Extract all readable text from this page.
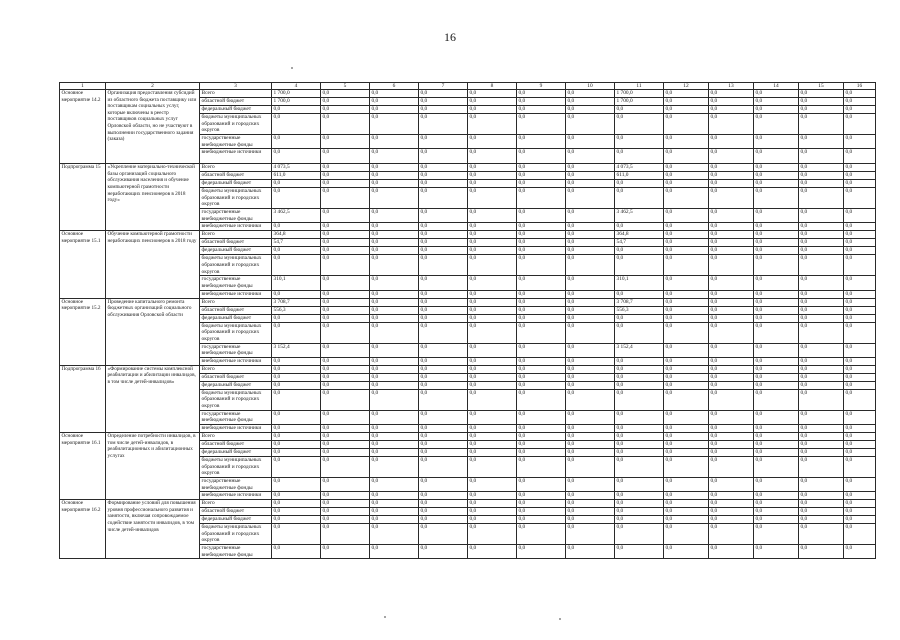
16
1	2	3	4	5	6	7	8	9	10	11	12	13	14	15	16
Основное мероприятие 14.2	Организация предоставления субсидий из областного бюджета поставщику или поставщикам социальных услуг, которые включены в реестр поставщиков социальных услуг Орловской области, но не участвуют в выполнении государственного задания (заказа)	Всего	1 700,0	0,0	0,0	0,0	0,0	0,0	0,0	1 700,0	0,0	0,0	0,0	0,0	0,0
		областной бюджет	1 700,0	0,0	0,0	0,0	0,0	0,0	0,0	1 700,0	0,0	0,0	0,0	0,0	0,0
		федеральный бюджет	0,0	0,0	0,0	0,0	0,0	0,0	0,0	0,0	0,0	0,0	0,0	0,0	0,0
		бюджеты муниципальных образований и городских округов	0,0	0,0	0,0	0,0	0,0	0,0	0,0	0,0	0,0	0,0	0,0	0,0	0,0
		государственные внебюджетные фонды	0,0	0,0	0,0	0,0	0,0	0,0	0,0	0,0	0,0	0,0	0,0	0,0	0,0
		внебюджетные источники	0,0	0,0	0,0	0,0	0,0	0,0	0,0	0,0	0,0	0,0	0,0	0,0	0,0
Подпрограмма 15	«Укрепление материально-технической базы организаций социального обслуживания населения и обучение компьютерной грамотности неработающих пенсионеров в 2018 году»	Всего	4 073,5	0,0	0,0	0,0	0,0	0,0	0,0	4 073,5	0,0	0,0	0,0	0,0	0,0
		областной бюджет	611,0	0,0	0,0	0,0	0,0	0,0	0,0	611,0	0,0	0,0	0,0	0,0	0,0
		федеральный бюджет	0,0	0,0	0,0	0,0	0,0	0,0	0,0	0,0	0,0	0,0	0,0	0,0	0,0
		бюджеты муниципальных образований и городских округов	0,0	0,0	0,0	0,0	0,0	0,0	0,0	0,0	0,0	0,0	0,0	0,0	0,0
		государственные внебюджетные фонды	3 462,5	0,0	0,0	0,0	0,0	0,0	0,0	3 462,5	0,0	0,0	0,0	0,0	0,0
		внебюджетные источники	0,0	0,0	0,0	0,0	0,0	0,0	0,0	0,0	0,0	0,0	0,0	0,0	0,0
Основное мероприятие 15.1	Обучение компьютерной грамотности неработающих пенсионеров в 2018 году	Всего	364,8	0,0	0,0	0,0	0,0	0,0	0,0	364,8	0,0	0,0	0,0	0,0	0,0
		областной бюджет	54,7	0,0	0,0	0,0	0,0	0,0	0,0	54,7	0,0	0,0	0,0	0,0	0,0
		федеральный бюджет	0,0	0,0	0,0	0,0	0,0	0,0	0,0	0,0	0,0	0,0	0,0	0,0	0,0
		бюджеты муниципальных образований и городских округов	0,0	0,0	0,0	0,0	0,0	0,0	0,0	0,0	0,0	0,0	0,0	0,0	0,0
		государственные внебюджетные фонды	310,1	0,0	0,0	0,0	0,0	0,0	0,0	310,1	0,0	0,0	0,0	0,0	0,0
		внебюджетные источники	0,0	0,0	0,0	0,0	0,0	0,0	0,0	0,0	0,0	0,0	0,0	0,0	0,0
Основное мероприятие 15.2	Проведение капитального ремонта бюджетных организаций социального обслуживания Орловской области	Всего	3 708,7	0,0	0,0	0,0	0,0	0,0	0,0	3 708,7	0,0	0,0	0,0	0,0	0,0
		областной бюджет	556,3	0,0	0,0	0,0	0,0	0,0	0,0	556,3	0,0	0,0	0,0	0,0	0,0
		федеральный бюджет	0,0	0,0	0,0	0,0	0,0	0,0	0,0	0,0	0,0	0,0	0,0	0,0	0,0
		бюджеты муниципальных образований и городских округов	0,0	0,0	0,0	0,0	0,0	0,0	0,0	0,0	0,0	0,0	0,0	0,0	0,0
		государственные внебюджетные фонды	3 152,4	0,0	0,0	0,0	0,0	0,0	0,0	3 152,4	0,0	0,0	0,0	0,0	0,0
		внебюджетные источники	0,0	0,0	0,0	0,0	0,0	0,0	0,0	0,0	0,0	0,0	0,0	0,0	0,0
Подпрограмма 16	«Формирование системы комплексной реабилитации и абилитации инвалидов, в том числе детей-инвалидов»	Всего	0,0	0,0	0,0	0,0	0,0	0,0	0,0	0,0	0,0	0,0	0,0	0,0	0,0
		областной бюджет	0,0	0,0	0,0	0,0	0,0	0,0	0,0	0,0	0,0	0,0	0,0	0,0	0,0
		федеральный бюджет	0,0	0,0	0,0	0,0	0,0	0,0	0,0	0,0	0,0	0,0	0,0	0,0	0,0
		бюджеты муниципальных образований и городских округов	0,0	0,0	0,0	0,0	0,0	0,0	0,0	0,0	0,0	0,0	0,0	0,0	0,0
		государственные внебюджетные фонды	0,0	0,0	0,0	0,0	0,0	0,0	0,0	0,0	0,0	0,0	0,0	0,0	0,0
		внебюджетные источники	0,0	0,0	0,0	0,0	0,0	0,0	0,0	0,0	0,0	0,0	0,0	0,0	0,0
Основное мероприятие 16.1	Определение потребности инвалидов, в том числе детей-инвалидов, в реабилитационных и абилитационных услугах	Всего	0,0	0,0	0,0	0,0	0,0	0,0	0,0	0,0	0,0	0,0	0,0	0,0	0,0
		областной бюджет	0,0	0,0	0,0	0,0	0,0	0,0	0,0	0,0	0,0	0,0	0,0	0,0	0,0
		федеральный бюджет	0,0	0,0	0,0	0,0	0,0	0,0	0,0	0,0	0,0	0,0	0,0	0,0	0,0
		бюджеты муниципальных образований и городских округов	0,0	0,0	0,0	0,0	0,0	0,0	0,0	0,0	0,0	0,0	0,0	0,0	0,0
		государственные внебюджетные фонды	0,0	0,0	0,0	0,0	0,0	0,0	0,0	0,0	0,0	0,0	0,0	0,0	0,0
		внебюджетные источники	0,0	0,0	0,0	0,0	0,0	0,0	0,0	0,0	0,0	0,0	0,0	0,0	0,0
Основное мероприятие 16.2	Формирование условий для повышения уровня профессионального развития и занятости, включая сопровождаемое содействие занятости инвалидов, в том числе детей-инвалидов	Всего	0,0	0,0	0,0	0,0	0,0	0,0	0,0	0,0	0,0	0,0	0,0	0,0	0,0
		областной бюджет	0,0	0,0	0,0	0,0	0,0	0,0	0,0	0,0	0,0	0,0	0,0	0,0	0,0
		федеральный бюджет	0,0	0,0	0,0	0,0	0,0	0,0	0,0	0,0	0,0	0,0	0,0	0,0	0,0
		бюджеты муниципальных образований и городских округов	0,0	0,0	0,0	0,0	0,0	0,0	0,0	0,0	0,0	0,0	0,0	0,0	0,0
		государственные внебюджетные фонды	0,0	0,0	0,0	0,0	0,0	0,0	0,0	0,0	0,0	0,0	0,0	0,0	0,0
